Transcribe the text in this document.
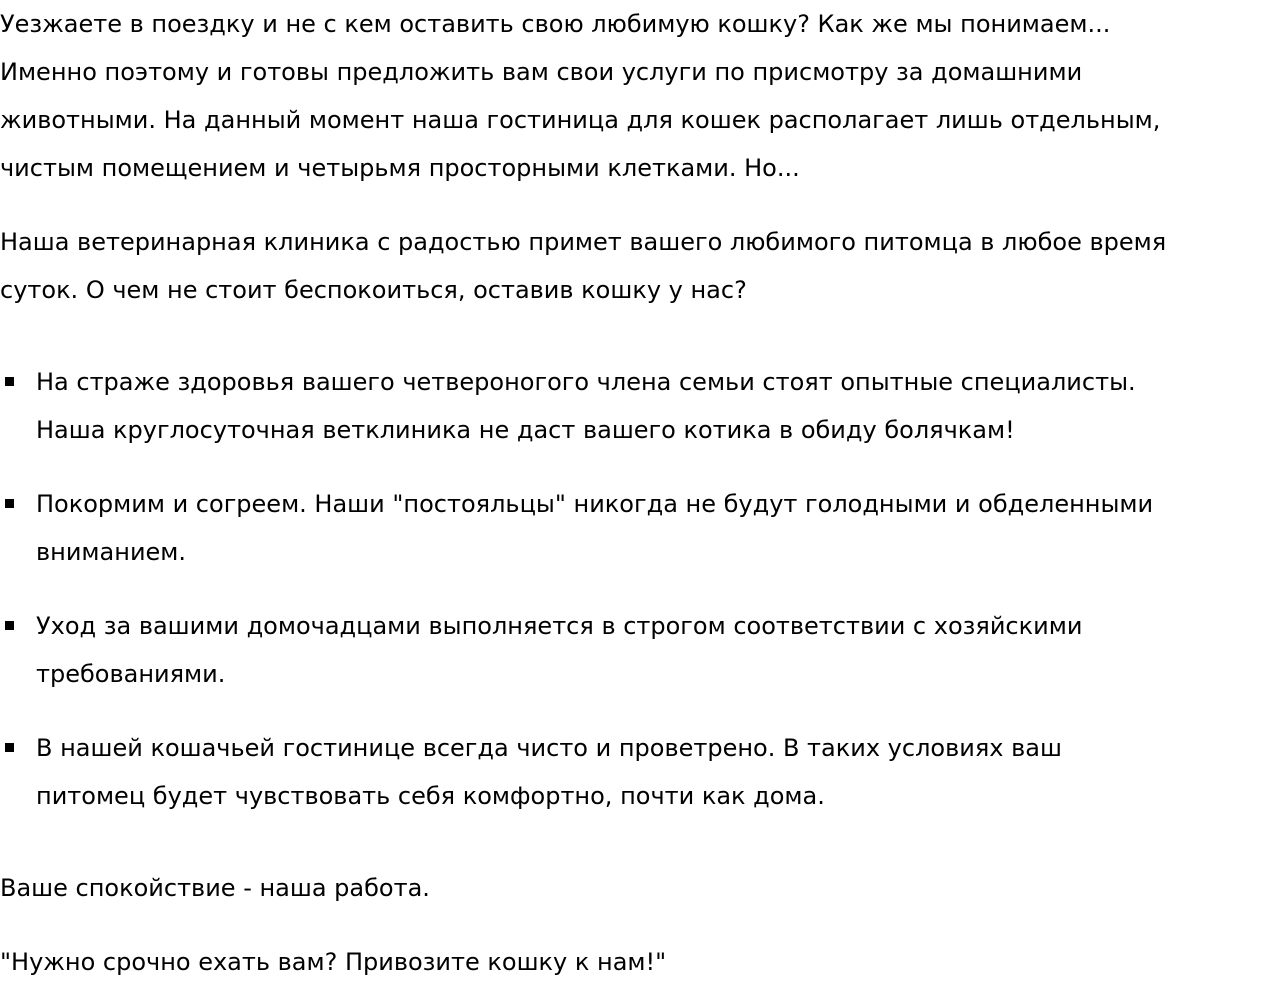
Уезжаете в поездку и не с кем оставить свою любимую кошку? Как же мы понимаем...
Именно поэтому и готовы предложить вам свои услуги по присмотру за домашними
животными. На данный момент наша гостиница для кошек располагает лишь отдельным,
чистым помещением и четырьмя просторными клетками. Но...

Наша ветеринарная клиника с радостью примет вашего любимого питомца в любое время
суток. О чем не стоит беспокоиться, оставив кошку у нас?

На страже здоровья вашего четвероногого члена семьи стоят опытные специалисты.
Наша круглосуточная ветклиника не даст вашего котика в обиду болячкам!
Покормим и согреем. Наши "постояльцы" никогда не будут голодными и обделенными
вниманием.
Уход за вашими домочадцами выполняется в строгом соответствии с хозяйскими
требованиями.
В нашей кошачьей гостинице всегда чисто и проветрено. В таких условиях ваш
питомец будет чувствовать себя комфортно, почти как дома.

Ваше спокойствие - наша работа.

"Нужно срочно ехать вам? Привозите кошку к нам!"
